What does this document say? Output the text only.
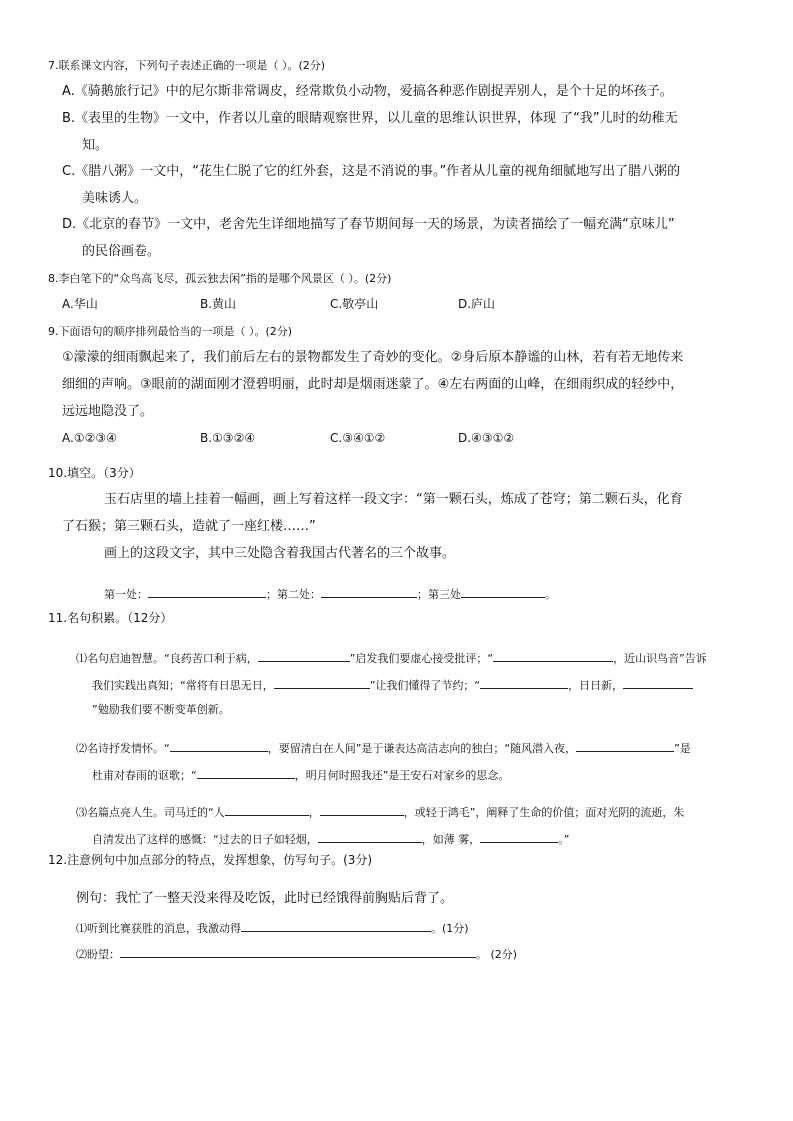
7.联系课文内容，下列句子表述正确的一项是（ ）。(2分)
A.《骑鹅旅行记》中的尼尔斯非常调皮，经常欺负小动物，爱搞各种恶作剧捉弄别人，是个十足的坏孩子。
B.《表里的生物》一文中，作者以儿童的眼睛观察世界，以儿童的思维认识世界，体现 了“我”儿时的幼稚无
知。
C.《腊八粥》一文中，“花生仁脱了它的红外套，这是不消说的事。”作者从儿童的视角细腻地写出了腊八粥的
美味诱人。
D.《北京的春节》一文中，老舍先生详细地描写了春节期间每一天的场景，为读者描绘了一幅充满“京味儿”
的民俗画卷。
8.李白笔下的“众鸟高飞尽，孤云独去闲”指的是哪个风景区（ ）。(2分)
A.华山	B.黄山	C.敬亭山	D.庐山
9.下面语句的顺序排列最恰当的一项是（ ）。(2分)
①濛濛的细雨飘起来了，我们前后左右的景物都发生了奇妙的变化。②身后原本静谧的山林，若有若无地传来
细细的声响。③眼前的湖面刚才澄碧明丽，此时却是烟雨迷蒙了。④左右两面的山峰，在细雨织成的轻纱中，
远远地隐没了。
A.①②③④	B.①③②④	C.③④①②	D.④③①②
10.填空。（3分）
玉石店里的墙上挂着一幅画，画上写着这样一段文字：“第一颗石头，炼成了苍穹；第二颗石头，化育
了石猴；第三颗石头，造就了一座红楼……”
画上的这段文字，其中三处隐含着我国古代著名的三个故事。
第一处：	；第二处：	；第三处	。
11.名句积累。（12分）
⑴名句启迪智慧。“良药苦口利于病，	”启发我们要虚心接受批评；“	，近山识鸟音”告诉
我们实践出真知；“常将有日思无日，	”让我们懂得了节约；“	，日日新，
”勉励我们要不断变革创新。
⑵名诗抒发情怀。“	，要留清白在人间”是于谦表达高洁志向的独白；“随风潜入夜，	”是
杜甫对春雨的讴歌；“	，明月何时照我还”是王安石对家乡的思念。
⑶名篇点亮人生。司马迁的“人	，	，或轻于鸿毛”，阐释了生命的价值；面对光阴的流逝，朱
自清发出了这样的感慨：“过去的日子如轻烟，	，如薄 雾，	。”
12.注意例句中加点部分的特点，发挥想象，仿写句子。(3分)
例句：我忙了一整天没来得及吃饭，此时已经饿得前胸贴后背了。
⑴听到比赛获胜的消息，我激动得	。(1分)
⑵盼望：	。 (2分)
